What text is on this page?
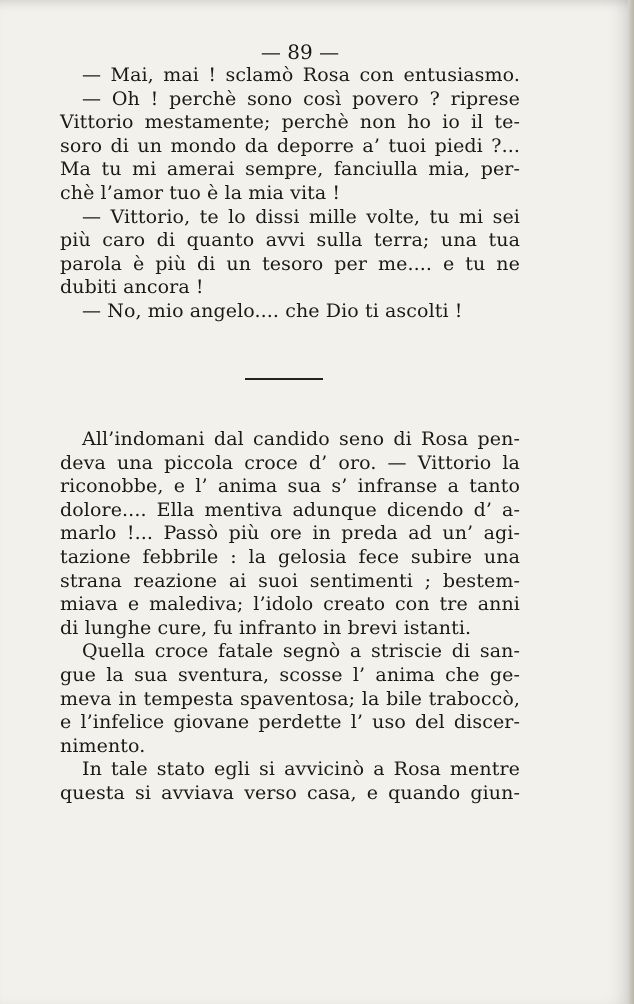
— 89 —
— Mai, mai ! sclamò Rosa con entusiasmo.
— Oh ! perchè sono così povero ? riprese
Vittorio mestamente; perchè non ho io il te-
soro di un mondo da deporre a’ tuoi piedi ?...
Ma tu mi amerai sempre, fanciulla mia, per-
chè l’amor tuo è la mia vita !
— Vittorio, te lo dissi mille volte, tu mi sei
più caro di quanto avvi sulla terra; una tua
parola è più di un tesoro per me.... e tu ne
dubiti ancora !
— No, mio angelo.... che Dio ti ascolti !
All’indomani dal candido seno di Rosa pen-
deva una piccola croce d’ oro. — Vittorio la
riconobbe, e l’ anima sua s’ infranse a tanto
dolore.... Ella mentiva adunque dicendo d’ a-
marlo !... Passò più ore in preda ad un’ agi-
tazione febbrile : la gelosia fece subire una
strana reazione ai suoi sentimenti ; bestem-
miava e malediva; l’idolo creato con tre anni
di lunghe cure, fu infranto in brevi istanti.
Quella croce fatale segnò a striscie di san-
gue la sua sventura, scosse l’ anima che ge-
meva in tempesta spaventosa; la bile traboccò,
e l’infelice giovane perdette l’ uso del discer-
nimento.
In tale stato egli si avvicinò a Rosa mentre
questa si avviava verso casa, e quando giun-
